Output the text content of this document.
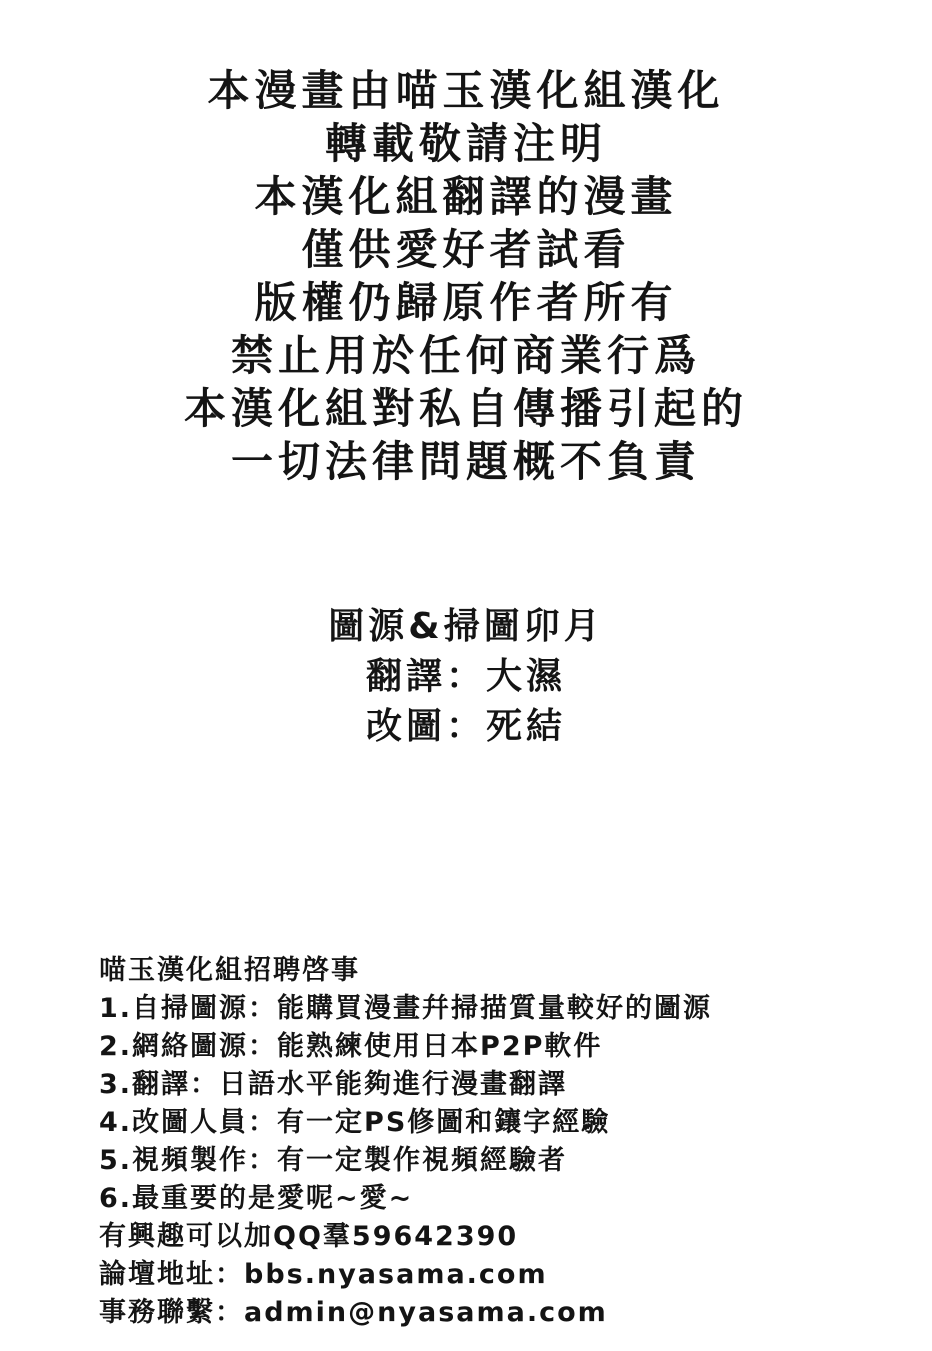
本漫畫由喵玉漢化組漢化
轉載敬請注明
本漢化組翻譯的漫畫
僅供愛好者試看
版權仍歸原作者所有
禁止用於任何商業行爲
本漢化組對私自傳播引起的
一切法律問題概不負責
圖源&掃圖卯月
翻譯：大濕
改圖：死結
喵玉漢化組招聘啓事
1.自掃圖源：能購買漫畫幷掃描質量較好的圖源
2.網絡圖源：能熟練使用日本P2P軟件
3.翻譯：日語水平能夠進行漫畫翻譯
4.改圖人員：有一定PS修圖和鑲字經驗
5.視頻製作：有一定製作視頻經驗者
6.最重要的是愛呢~愛~
有興趣可以加QQ羣59642390
論壇地址：bbs.nyasama.com
事務聯繫：admin@nyasama.com
